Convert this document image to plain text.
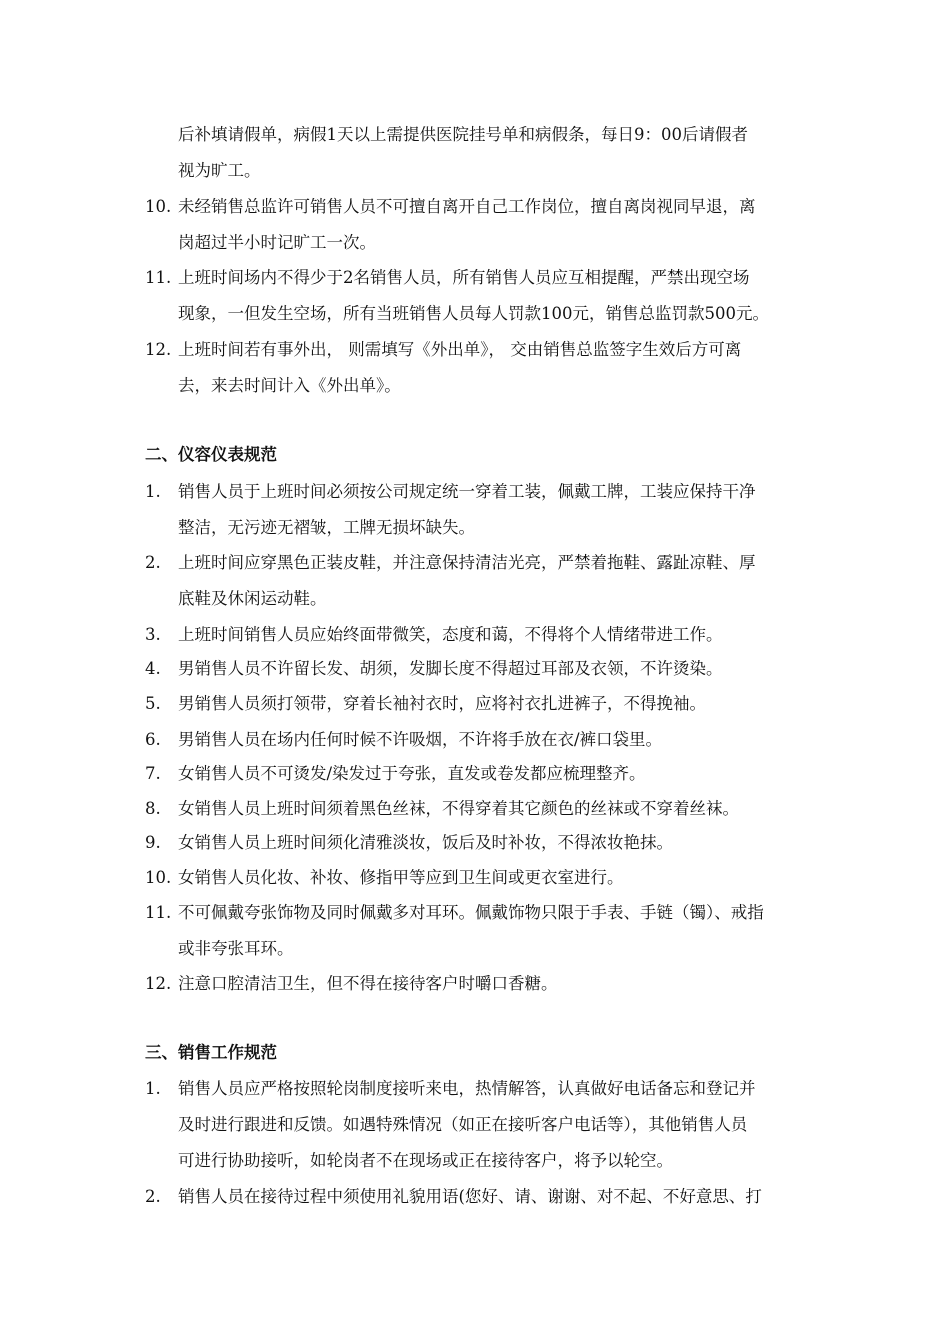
后补填请假单，病假1天以上需提供医院挂号单和病假条，每日9：00后请假者
视为旷工。
10. 未经销售总监许可销售人员不可擅自离开自己工作岗位，擅自离岗视同早退，离
岗超过半小时记旷工一次。
11. 上班时间场内不得少于2名销售人员，所有销售人员应互相提醒，严禁出现空场
现象，一但发生空场，所有当班销售人员每人罚款100元，销售总监罚款500元。
12. 上班时间若有事外出， 则需填写《外出单》， 交由销售总监签字生效后方可离
去，来去时间计入《外出单》。
二、仪容仪表规范
1. 销售人员于上班时间必须按公司规定统一穿着工装，佩戴工牌，工装应保持干净
整洁，无污迹无褶皱，工牌无损坏缺失。
2. 上班时间应穿黑色正装皮鞋，并注意保持清洁光亮，严禁着拖鞋、露趾凉鞋、厚
底鞋及休闲运动鞋。
3. 上班时间销售人员应始终面带微笑，态度和蔼，不得将个人情绪带进工作。
4. 男销售人员不许留长发、胡须，发脚长度不得超过耳部及衣领，不许烫染。
5. 男销售人员须打领带，穿着长袖衬衣时，应将衬衣扎进裤子，不得挽袖。
6. 男销售人员在场内任何时候不许吸烟，不许将手放在衣/裤口袋里。
7. 女销售人员不可烫发/染发过于夸张，直发或卷发都应梳理整齐。
8. 女销售人员上班时间须着黑色丝袜，不得穿着其它颜色的丝袜或不穿着丝袜。
9. 女销售人员上班时间须化清雅淡妆，饭后及时补妆，不得浓妆艳抹。
10. 女销售人员化妆、补妆、修指甲等应到卫生间或更衣室进行。
11. 不可佩戴夸张饰物及同时佩戴多对耳环。佩戴饰物只限于手表、手链（镯）、戒指
或非夸张耳环。
12. 注意口腔清洁卫生，但不得在接待客户时嚼口香糖。
三、销售工作规范
1. 销售人员应严格按照轮岗制度接听来电，热情解答，认真做好电话备忘和登记并
及时进行跟进和反馈。如遇特殊情况（如正在接听客户电话等），其他销售人员
可进行协助接听，如轮岗者不在现场或正在接待客户，将予以轮空。
2. 销售人员在接待过程中须使用礼貌用语(您好、请、谢谢、对不起、不好意思、打
